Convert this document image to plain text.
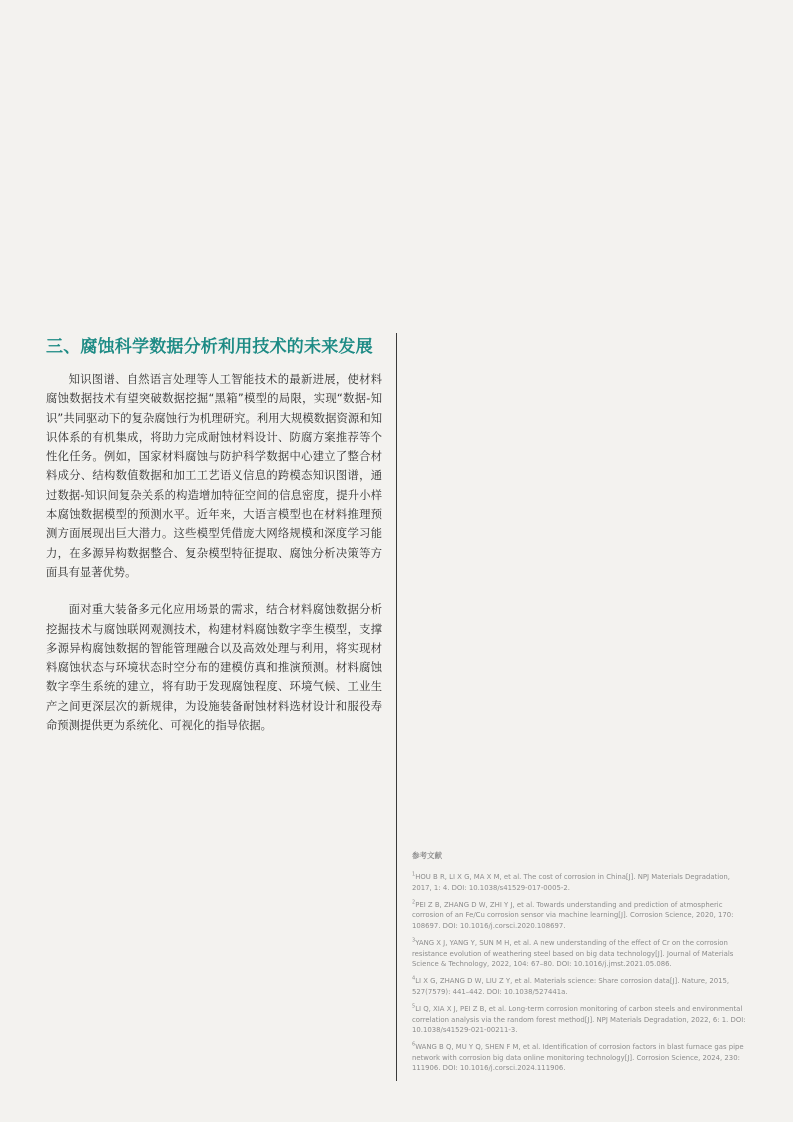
三、腐蚀科学数据分析利用技术的未来发展

知识图谱、自然语言处理等人工智能技术的最新进展，使材料腐蚀数据技术有望突破数据挖掘“黑箱”模型的局限，实现“数据-知识”共同驱动下的复杂腐蚀行为机理研究。利用大规模数据资源和知识体系的有机集成，将助力完成耐蚀材料设计、防腐方案推荐等个性化任务。例如，国家材料腐蚀与防护科学数据中心建立了整合材料成分、结构数值数据和加工工艺语义信息的跨模态知识图谱，通过数据-知识间复杂关系的构造增加特征空间的信息密度，提升小样本腐蚀数据模型的预测水平。近年来，大语言模型也在材料推理预测方面展现出巨大潜力。这些模型凭借庞大网络规模和深度学习能力，在多源异构数据整合、复杂模型特征提取、腐蚀分析决策等方面具有显著优势。

面对重大装备多元化应用场景的需求，结合材料腐蚀数据分析挖掘技术与腐蚀联网观测技术，构建材料腐蚀数字孪生模型，支撑多源异构腐蚀数据的智能管理融合以及高效处理与利用，将实现材料腐蚀状态与环境状态时空分布的建模仿真和推演预测。材料腐蚀数字孪生系统的建立，将有助于发现腐蚀程度、环境气候、工业生产之间更深层次的新规律，为设施装备耐蚀材料选材设计和服役寿命预测提供更为系统化、可视化的指导依据。

参考文献
$^1$HOU B R, LI X G, MA X M, et al. The cost of corrosion in China[J]. NPJ Materials Degradation, 2017, 1: 4. DOI: 10.1038/s41529-017-0005-2.
$^2$PEI Z B, ZHANG D W, ZHI Y J, et al. Towards understanding and prediction of atmospheric corrosion of an Fe/Cu corrosion sensor via machine learning[J]. Corrosion Science, 2020, 170: 108697. DOI: 10.1016/j.corsci.2020.108697.
$^3$YANG X J, YANG Y, SUN M H, et al. A new understanding of the effect of Cr on the corrosion resistance evolution of weathering steel based on big data technology[J]. Journal of Materials Science & Technology, 2022, 104: 67–80. DOI: 10.1016/j.jmst.2021.05.086.
$^4$LI X G, ZHANG D W, LIU Z Y, et al. Materials science: Share corrosion data[J]. Nature, 2015, 527(7579): 441–442. DOI: 10.1038/527441a.
$^5$LI Q, XIA X J, PEI Z B, et al. Long-term corrosion monitoring of carbon steels and environmental correlation analysis via the random forest method[J]. NPJ Materials Degradation, 2022, 6: 1. DOI: 10.1038/s41529-021-00211-3.
$^6$WANG B Q, MU Y Q, SHEN F M, et al. Identification of corrosion factors in blast furnace gas pipe network with corrosion big data online monitoring technology[J]. Corrosion Science, 2024, 230: 111906. DOI: 10.1016/j.corsci.2024.111906.
